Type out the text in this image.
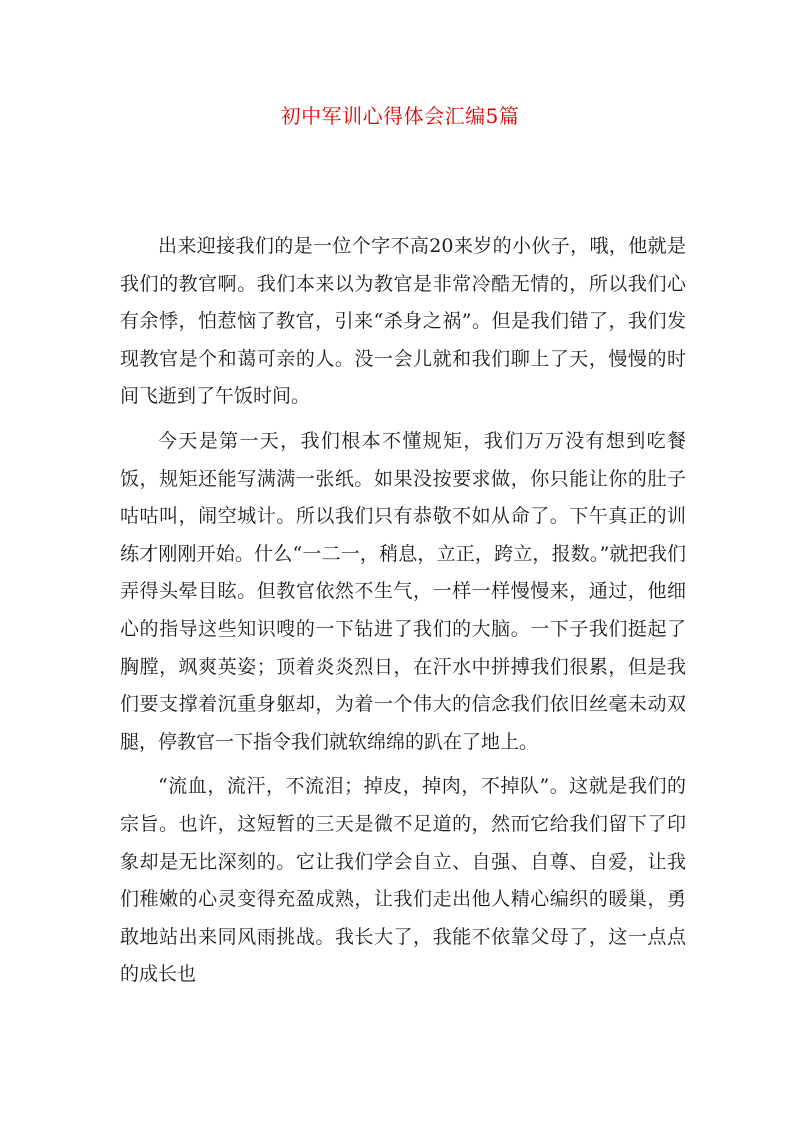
初中军训心得体会汇编5篇

出来迎接我们的是一位个字不高20来岁的小伙子，哦，他就是我们的教官啊。我们本来以为教官是非常冷酷无情的，所以我们心有余悸，怕惹恼了教官，引来“杀身之祸”。但是我们错了，我们发现教官是个和蔼可亲的人。没一会儿就和我们聊上了天，慢慢的时间飞逝到了午饭时间。

今天是第一天，我们根本不懂规矩，我们万万没有想到吃餐饭，规矩还能写满满一张纸。如果没按要求做，你只能让你的肚子咕咕叫，闹空城计。所以我们只有恭敬不如从命了。下午真正的训练才刚刚开始。什么“一二一，稍息，立正，跨立，报数。”就把我们弄得头晕目眩。但教官依然不生气，一样一样慢慢来，通过，他细心的指导这些知识嗖的一下钻进了我们的大脑。一下子我们挺起了胸膛，飒爽英姿；顶着炎炎烈日，在汗水中拼搏我们很累，但是我们要支撑着沉重身躯却，为着一个伟大的信念我们依旧丝毫未动双腿，停教官一下指令我们就软绵绵的趴在了地上。

“流血，流汗，不流泪；掉皮，掉肉，不掉队”。这就是我们的宗旨。也许，这短暂的三天是微不足道的，然而它给我们留下了印象却是无比深刻的。它让我们学会自立、自强、自尊、自爱，让我们稚嫩的心灵变得充盈成熟，让我们走出他人精心编织的暖巢，勇敢地站出来同风雨挑战。我长大了，我能不依靠父母了，这一点点的成长也
